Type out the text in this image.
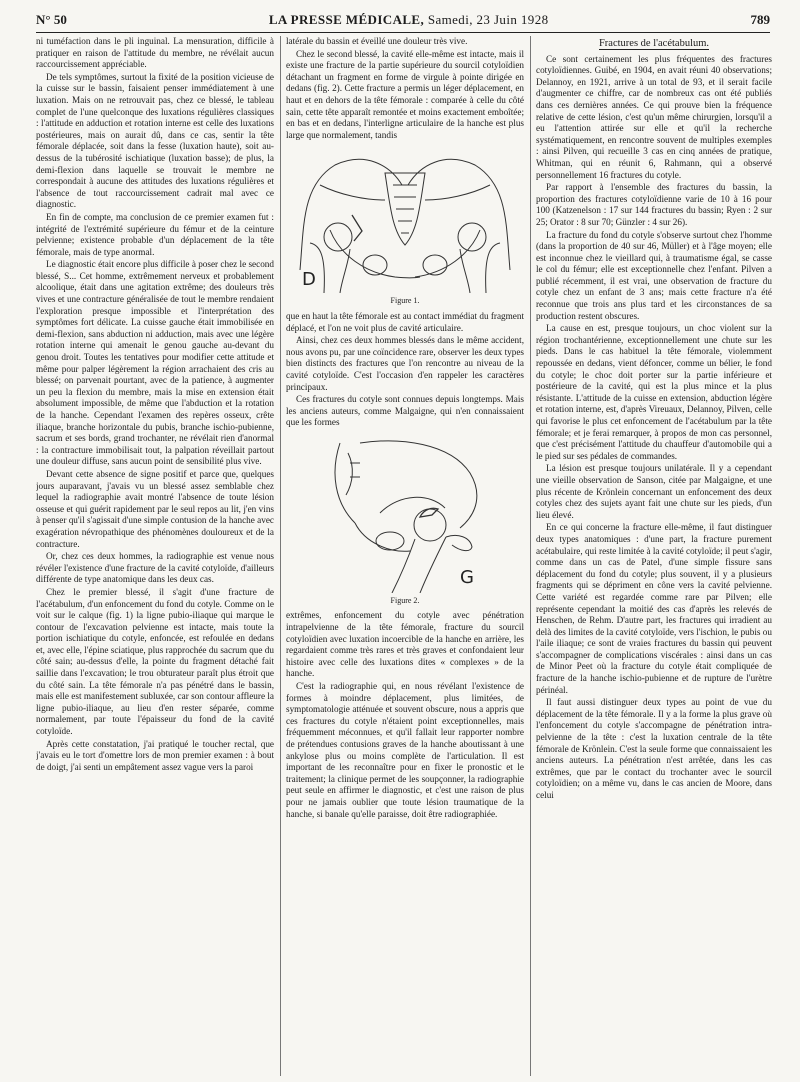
N° 50	LA PRESSE MÉDICALE, Samedi, 23 Juin 1928	789

ni tuméfaction dans le pli inguinal. La mensuration, difficile à pratiquer en raison de l'attitude du membre, ne révélait aucun raccourcissement appréciable.

De tels symptômes, surtout la fixité de la position vicieuse de la cuisse sur le bassin, faisaient penser immédiatement à une luxation. Mais on ne retrouvait pas, chez ce blessé, le tableau complet de l'une quelconque des luxations régulières classiques : l'attitude en adduction et rotation interne est celle des luxations postérieures, mais on aurait dû, dans ce cas, sentir la tête fémorale déplacée, soit dans la fesse (luxation haute), soit au-dessus de la tubérosité ischiatique (luxation basse); de plus, la demi-flexion dans laquelle se trouvait le membre ne correspondait à aucune des attitudes des luxations régulières et l'absence de tout raccourcissement cadrait mal avec ce diagnostic.

En fin de compte, ma conclusion de ce premier examen fut : intégrité de l'extrémité supérieure du fémur et de la ceinture pelvienne; existence probable d'un déplacement de la tête fémorale, mais de type anormal.

Le diagnostic était encore plus difficile à poser chez le second blessé, S... Cet homme, extrêmement nerveux et probablement alcoolique, était dans une agitation extrême; des douleurs très vives et une contracture généralisée de tout le membre rendaient l'exploration presque impossible et l'interprétation des symptômes fort délicate. La cuisse gauche était immobilisée en demi-flexion, sans abduction ni adduction, mais avec une légère rotation interne qui amenait le genou gauche au-devant du genou droit. Toutes les tentatives pour modifier cette attitude et même pour palper légèrement la région arrachaient des cris au blessé; on parvenait pourtant, avec de la patience, à augmenter un peu la flexion du membre, mais la mise en extension était absolument impossible, de même que l'abduction et la rotation de la hanche. Cependant l'examen des repères osseux, crête iliaque, branche horizontale du pubis, branche ischio-pubienne, sacrum et ses bords, grand trochanter, ne révélait rien d'anormal : la contracture immobilisait tout, la palpation réveillait partout une douleur diffuse, sans aucun point de sensibilité plus vive.

Devant cette absence de signe positif et parce que, quelques jours auparavant, j'avais vu un blessé assez semblable chez lequel la radiographie avait montré l'absence de toute lésion osseuse et qui guérit rapidement par le seul repos au lit, j'en vins à penser qu'il s'agissait d'une simple contusion de la hanche avec exagération névropathique des phénomènes douloureux et de la contracture.

Or, chez ces deux hommes, la radiographie est venue nous révéler l'existence d'une fracture de la cavité cotyloïde, d'ailleurs différente de type anatomique dans les deux cas.

Chez le premier blessé, il s'agit d'une fracture de l'acétabulum, d'un enfoncement du fond du cotyle. Comme on le voit sur le calque (fig. 1) la ligne pubio-iliaque qui marque le contour de l'excavation pelvienne est intacte, mais toute la portion ischiatique du cotyle, enfoncée, est refoulée en dedans et, avec elle, l'épine sciatique, plus rapprochée du sacrum que du côté sain; au-dessus d'elle, la pointe du fragment détaché fait saillie dans l'excavation; le trou obturateur paraît plus étroit que du côté sain. La tête fémorale n'a pas pénétré dans le bassin, mais elle est manifestement subluxée, car son contour affleure la ligne pubio-iliaque, au lieu d'en rester séparée, comme normalement, par toute l'épaisseur du fond de la cavité cotyloïde.

Après cette constatation, j'ai pratiqué le toucher rectal, que j'avais eu le tort d'omettre lors de mon premier examen : à bout de doigt, j'ai senti un empâtement assez vague vers la paroi

latérale du bassin et éveillé une douleur très vive.

Chez le second blessé, la cavité elle-même est intacte, mais il existe une fracture de la partie supérieure du sourcil cotyloïdien détachant un fragment en forme de virgule à pointe dirigée en dedans (fig. 2). Cette fracture a permis un léger déplacement, en haut et en dehors de la tête fémorale : comparée à celle du côté sain, cette tête apparaît remontée et moins exactement emboîtée; en bas et en dedans, l'interligne articulaire de la hanche est plus large que normalement, tandis

D
Figure 1.

que en haut la tête fémorale est au contact immédiat du fragment déplacé, et l'on ne voit plus de cavité articulaire.

Ainsi, chez ces deux hommes blessés dans le même accident, nous avons pu, par une coïncidence rare, observer les deux types bien distincts des fractures que l'on rencontre au niveau de la cavité cotyloïde. C'est l'occasion d'en rappeler les caractères principaux.

Ces fractures du cotyle sont connues depuis longtemps. Mais les anciens auteurs, comme Malgaigne, qui n'en connaissaient que les formes

G
Figure 2.

extrêmes, enfoncement du cotyle avec pénétration intrapelvienne de la tête fémorale, fracture du sourcil cotyloïdien avec luxation incoercible de la hanche en arrière, les regardaient comme très rares et très graves et confondaient leur histoire avec celle des luxations dites « complexes » de la hanche.

C'est la radiographie qui, en nous révélant l'existence de formes à moindre déplacement, plus limitées, de symptomatologie atténuée et souvent obscure, nous a appris que ces fractures du cotyle n'étaient point exceptionnelles, mais fréquemment méconnues, et qu'il fallait leur rapporter nombre de prétendues contusions graves de la hanche aboutissant à une ankylose plus ou moins complète de l'articulation. Il est important de les reconnaître pour en fixer le pronostic et le traitement; la clinique permet de les soupçonner, la radiographie peut seule en affirmer le diagnostic, et c'est une raison de plus pour ne jamais oublier que toute lésion traumatique de la hanche, si banale qu'elle paraisse, doit être radiographiée.

Fractures de l'acétabulum.

Ce sont certainement les plus fréquentes des fractures cotyloïdiennes. Guibé, en 1904, en avait réuni 40 observations; Delannoy, en 1921, arrive à un total de 93, et il serait facile d'augmenter ce chiffre, car de nombreux cas ont été publiés dans ces dernières années. Ce qui prouve bien la fréquence relative de cette lésion, c'est qu'un même chirurgien, lorsqu'il a eu l'attention attirée sur elle et qu'il la recherche systématiquement, en rencontre souvent de multiples exemples : ainsi Pilven, qui recueille 3 cas en cinq années de pratique, Whitman, qui en réunit 6, Rahmann, qui a observé personnellement 16 fractures du cotyle.

Par rapport à l'ensemble des fractures du bassin, la proportion des fractures cotyloïdienne varie de 10 à 16 pour 100 (Katzenelson : 17 sur 144 fractures du bassin; Ryen : 2 sur 25; Orator : 8 sur 70; Günzler : 4 sur 26).

La fracture du fond du cotyle s'observe surtout chez l'homme (dans la proportion de 40 sur 46, Müller) et à l'âge moyen; elle est inconnue chez le vieillard qui, à traumatisme égal, se casse le col du fémur; elle est exceptionnelle chez l'enfant. Pilven a publié récemment, il est vrai, une observation de fracture du cotyle chez un enfant de 3 ans; mais cette fracture n'a été reconnue que trois ans plus tard et les circonstances de sa production restent obscures.

La cause en est, presque toujours, un choc violent sur la région trochantérienne, exceptionnellement une chute sur les pieds. Dans le cas habituel la tête fémorale, violemment repoussée en dedans, vient défoncer, comme un bélier, le fond du cotyle; le choc doit porter sur la partie inférieure et postérieure de la cavité, qui est la plus mince et la plus résistante. L'attitude de la cuisse en extension, abduction légère et rotation interne, est, d'après Vireuaux, Delannoy, Pilven, celle qui favorise le plus cet enfoncement de l'acétabulum par la tête fémorale; et je ferai remarquer, à propos de mon cas personnel, que c'est précisément l'attitude du chauffeur d'automobile qui a le pied sur ses pédales de commandes.

La lésion est presque toujours unilatérale. Il y a cependant une vieille observation de Sanson, citée par Malgaigne, et une plus récente de Krönlein concernant un enfoncement des deux cotyles chez des sujets ayant fait une chute sur les pieds, d'un lieu élevé.

En ce qui concerne la fracture elle-même, il faut distinguer deux types anatomiques : d'une part, la fracture purement acétabulaire, qui reste limitée à la cavité cotyloïde; il peut s'agir, comme dans un cas de Patel, d'une simple fissure sans déplacement du fond du cotyle; plus souvent, il y a plusieurs fragments qui se dépriment en cône vers la cavité pelvienne. Cette variété est regardée comme rare par Pilven; elle représente cependant la moitié des cas d'après les relevés de Henschen, de Rehm. D'autre part, les fractures qui irradient au delà des limites de la cavité cotyloïde, vers l'ischion, le pubis ou l'aile iliaque; ce sont de vraies fractures du bassin qui peuvent s'accompagner de complications viscérales : ainsi dans un cas de Minor Peet où la fracture du cotyle était compliquée de fracture de la hanche ischio-pubienne et de rupture de l'urètre périnéal.

Il faut aussi distinguer deux types au point de vue du déplacement de la tête fémorale. Il y a la forme la plus grave où l'enfoncement du cotyle s'accompagne de pénétration intra-pelvienne de la tête : c'est la luxation centrale de la tête fémorale de Krönlein. C'est la seule forme que connaissaient les anciens auteurs. La pénétration n'est arrêtée, dans les cas extrêmes, que par le contact du trochanter avec le sourcil cotyloïdien; on a même vu, dans le cas ancien de Moore, dans celui
